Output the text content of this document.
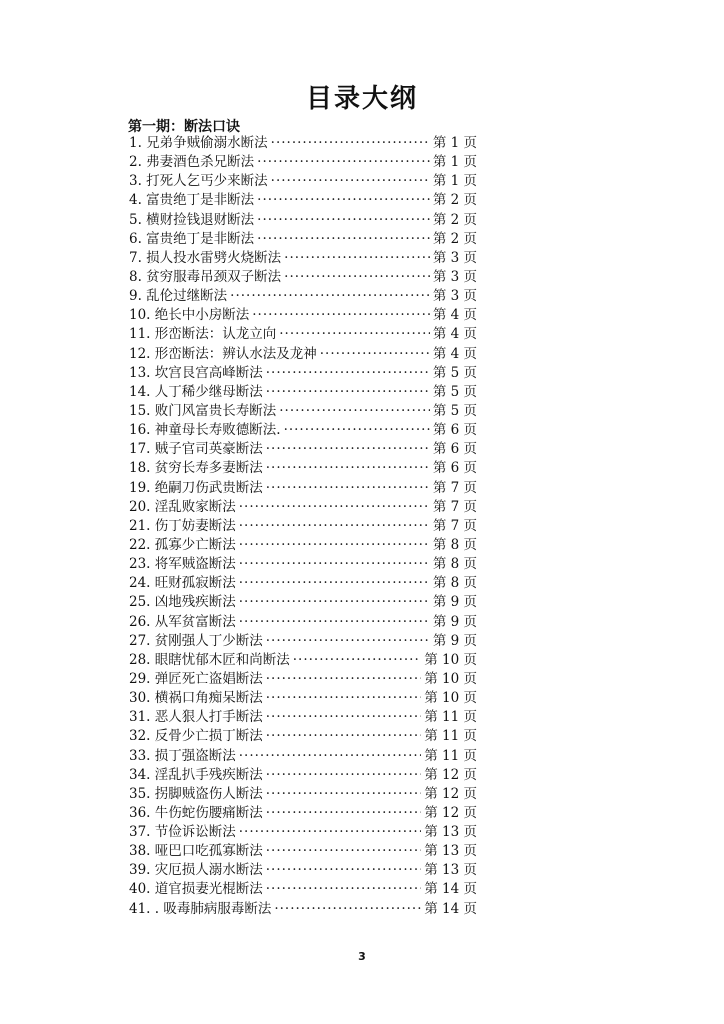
目录大纲
第一期：断法口诀
1. 兄弟争贼偷溺水断法 ·····	第 1 页
2. 弗妻酒色杀兄断法 ·····	第 1 页
3. 打死人乞丐少来断法 ·····	第 1 页
4. 富贵绝丁是非断法 ·····	第 2 页
5. 横财捡钱退财断法 ·····	第 2 页
6. 富贵绝丁是非断法 ·····	第 2 页
7. 损人投水雷劈火烧断法 ·····	第 3 页
8. 贫穷服毒吊颈双子断法 ·····	第 3 页
9. 乱伦过继断法 ·····	第 3 页
10. 绝长中小房断法 ·····	第 4 页
11. 形峦断法：认龙立向 ·····	第 4 页
12. 形峦断法：辨认水法及龙神 ·····	第 4 页
13. 坎宫艮宫高峰断法 ·····	第 5 页
14. 人丁稀少继母断法 ·····	第 5 页
15. 败门风富贵长寿断法 ·····	第 5 页
16. 神童母长寿败德断法. ·····	第 6 页
17. 贼子官司英豪断法 ·····	第 6 页
18. 贫穷长寿多妻断法 ·····	第 6 页
19. 绝嗣刀伤武贵断法 ·····	第 7 页
20. 淫乱败家断法 ·····	第 7 页
21. 伤丁妨妻断法 ·····	第 7 页
22. 孤寡少亡断法 ·····	第 8 页
23. 将军贼盗断法 ·····	第 8 页
24. 旺财孤寂断法 ·····	第 8 页
25. 凶地残疾断法 ·····	第 9 页
26. 从军贫富断法 ·····	第 9 页
27. 贫刚强人丁少断法 ·····	第 9 页
28. 眼瞎忧郁木匠和尚断法 ·····	第 10 页
29. 弹匠死亡盗娼断法 ·····	第 10 页
30. 横祸口角痴呆断法 ·····	第 10 页
31. 恶人狠人打手断法 ·····	第 11 页
32. 反骨少亡损丁断法 ·····	第 11 页
33. 损丁强盗断法 ·····	第 11 页
34. 淫乱扒手残疾断法 ·····	第 12 页
35. 拐脚贼盗伤人断法 ·····	第 12 页
36. 牛伤蛇伤腰痛断法 ·····	第 12 页
37. 节俭诉讼断法 ·····	第 13 页
38. 哑巴口吃孤寡断法 ·····	第 13 页
39. 灾厄损人溺水断法 ·····	第 13 页
40. 道官损妻光棍断法 ·····	第 14 页
41. . 吸毒肺病服毒断法 ·····	第 14 页
3
